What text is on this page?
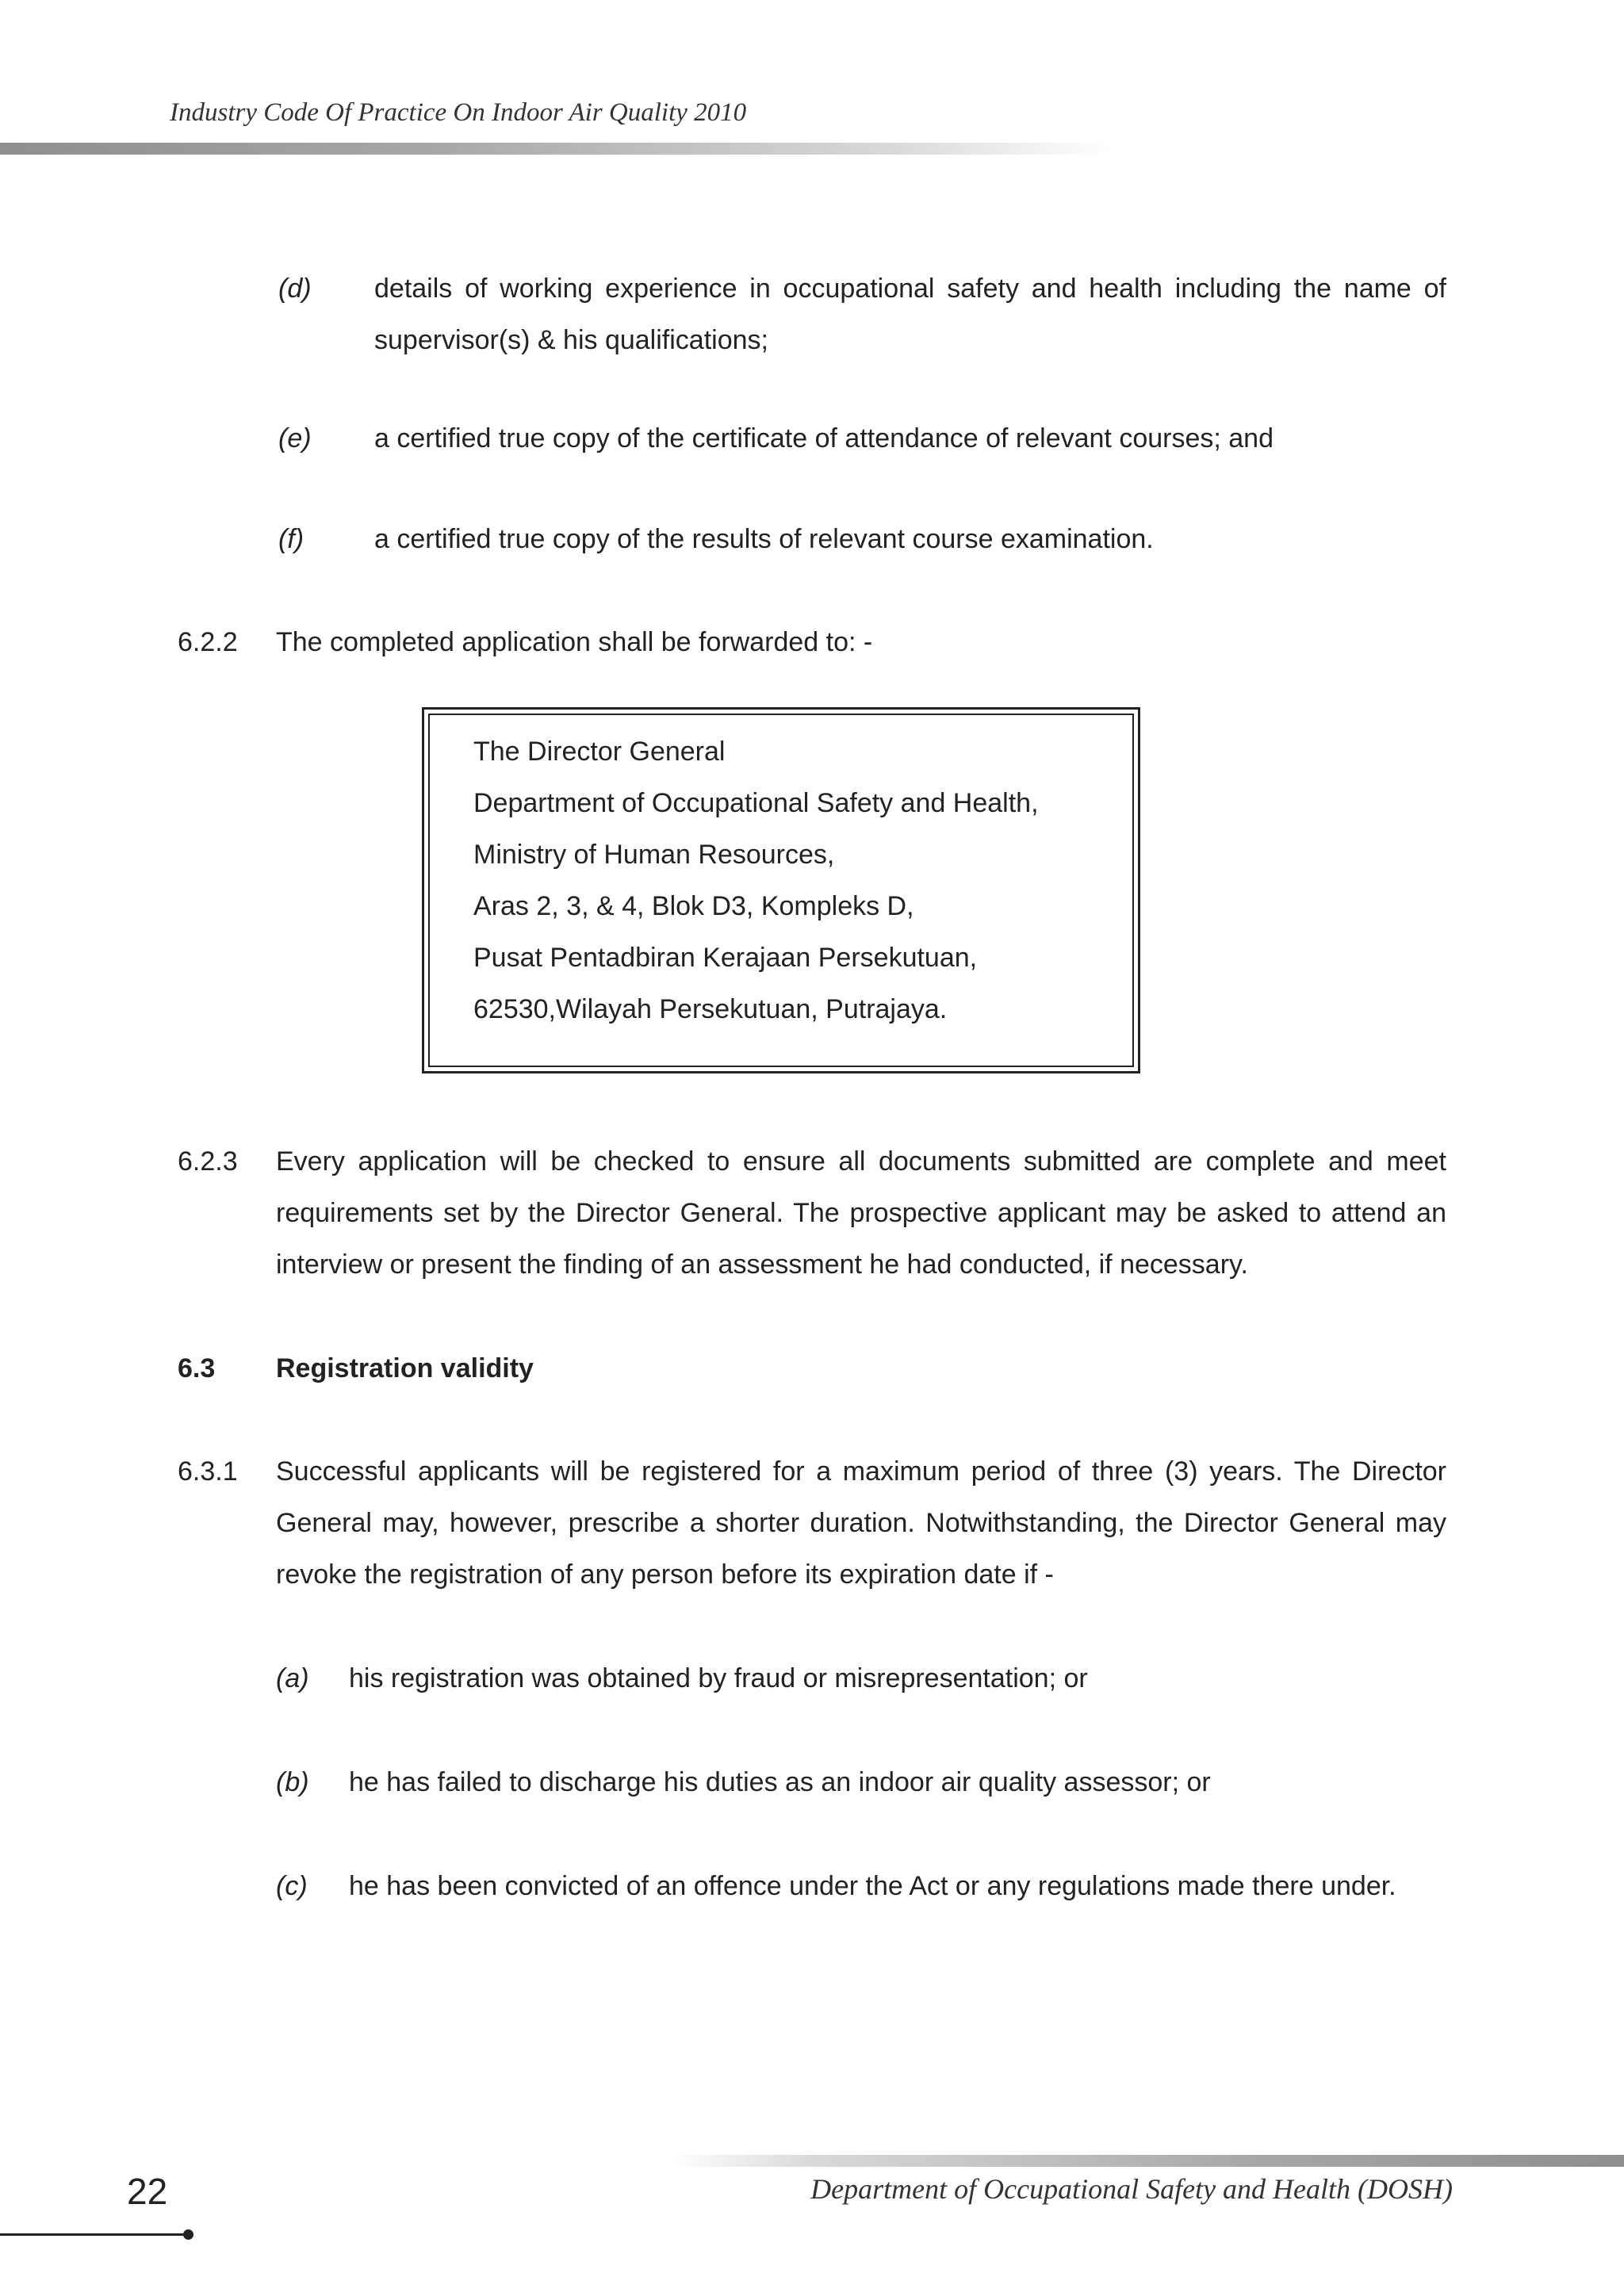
Industry Code Of Practice On Indoor Air Quality 2010
(d) details of working experience in occupational safety and health including the name of supervisor(s) & his qualifications;
(e) a certified true copy of the certificate of attendance of relevant courses; and
(f)	a certified true copy of the results of relevant course examination.
6.2.2 The completed application shall be forwarded to: -
The Director General
Department of Occupational Safety and Health,
Ministry of Human Resources,
Aras 2, 3, & 4, Blok D3, Kompleks D,
Pusat Pentadbiran Kerajaan Persekutuan,
62530,Wilayah Persekutuan, Putrajaya.
6.2.3 Every application will be checked to ensure all documents submitted are complete and meet requirements set by the Director General. The prospective applicant may be asked to attend an interview or present the finding of an assessment he had conducted, if necessary.
6.3 Registration validity
6.3.1 Successful applicants will be registered for a maximum period of three (3) years. The Director General may, however, prescribe a shorter duration. Notwithstanding, the Director General may revoke the registration of any person before its expiration date if -
(a) his registration was obtained by fraud or misrepresentation; or
(b) he has failed to discharge his duties as an indoor air quality assessor; or
(c) he has been convicted of an offence under the Act or any regulations made there under.
22	Department of Occupational Safety and Health (DOSH)
